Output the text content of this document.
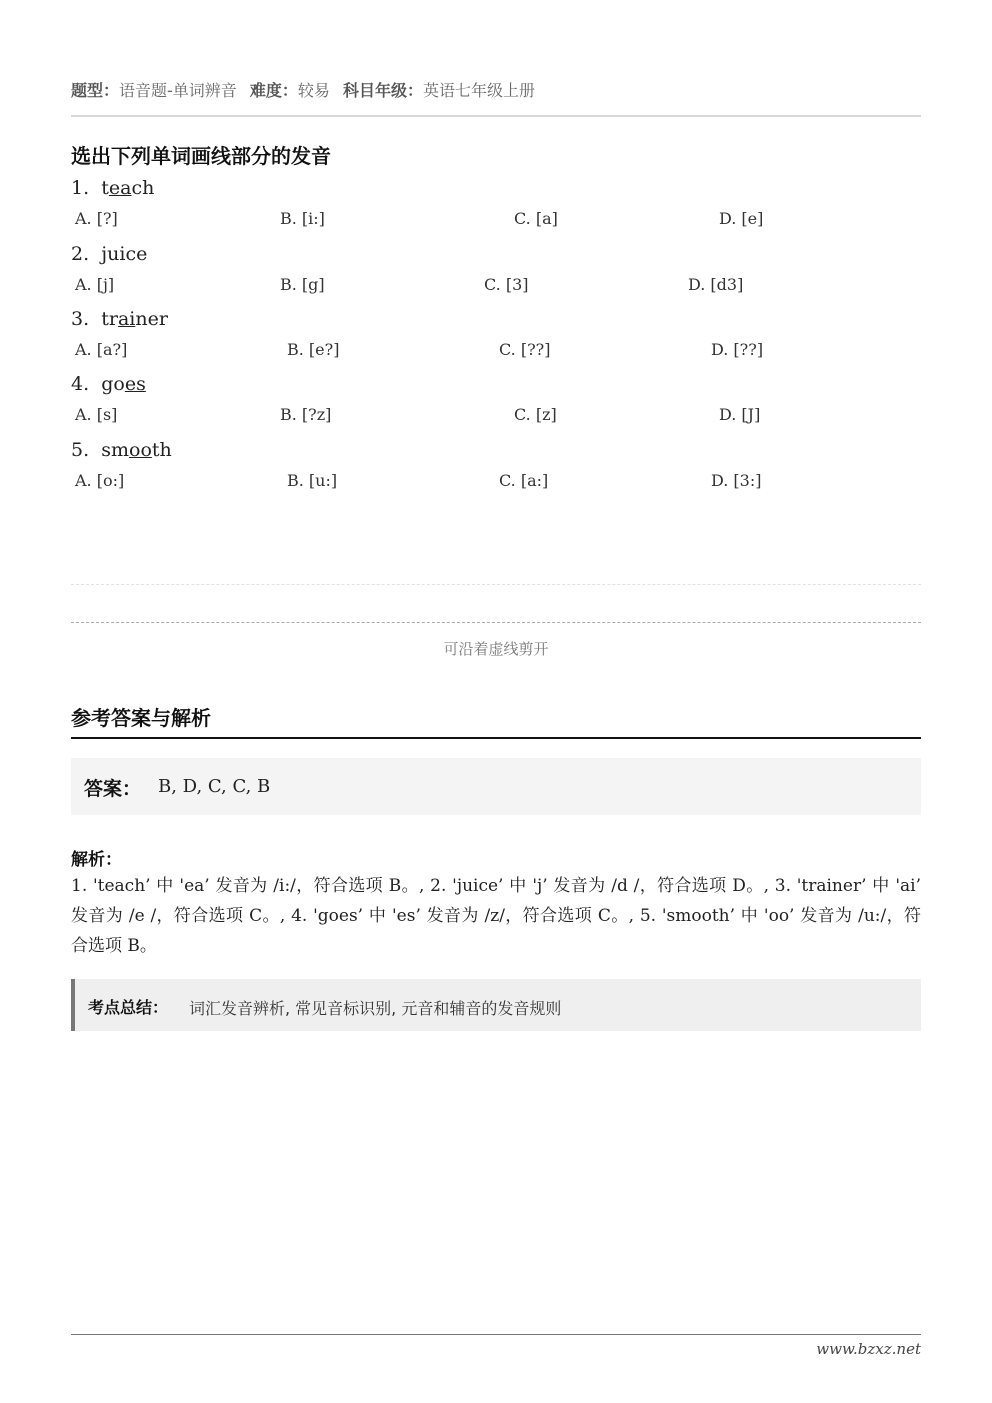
题型：语音题-单词辨音 难度：较易 科目年级：英语七年级上册
选出下列单词画线部分的发音
1. teach
A. [?]	B. [i:]	C. [a]	D. [e]
2. juice
A. [j]	B. [g]	C. [3]	D. [d3]
3. trainer
A. [a?]	B. [e?]	C. [??]	D. [??]
4. goes
A. [s]	B. [?z]	C. [z]	D. [J]
5. smooth
A. [o:]	B. [u:]	C. [a:]	D. [3:]
可沿着虚线剪开
参考答案与解析
答案： B, D, C, C, B
解析：
1. 'teach’ 中 'ea’ 发音为 /i:/，符合选项 B。, 2. 'juice’ 中 'j’ 发音为 /d /，符合选项 D。, 3. 'trainer’ 中 'ai’ 发音为 /e /，符合选项 C。, 4. 'goes’ 中 'es’ 发音为 /z/，符合选项 C。, 5. 'smooth’ 中 'oo’ 发音为 /u:/，符合选项 B。
考点总结： 词汇发音辨析, 常见音标识别, 元音和辅音的发音规则
www.bzxz.net
